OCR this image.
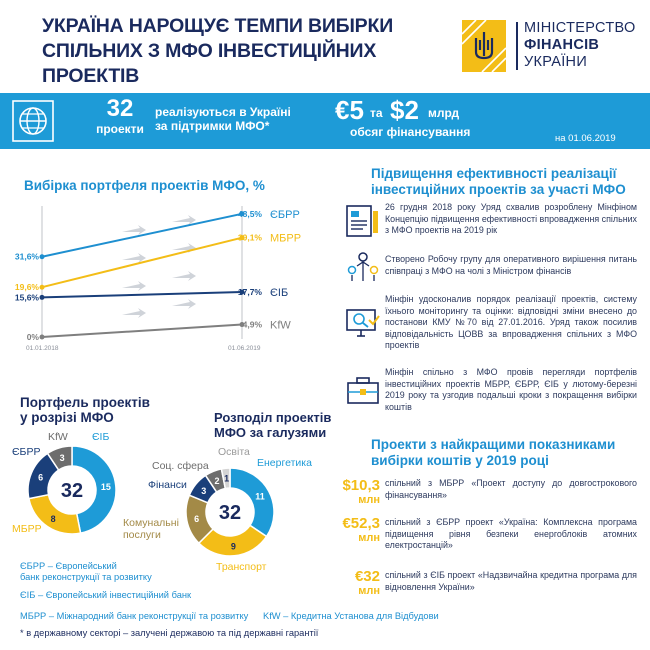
УКРАЇНА НАРОЩУЄ ТЕМПИ ВИБІРКИ
СПІЛЬНИХ З МФО ІНВЕСТИЦІЙНИХ ПРОЕКТІВ
МІНІСТЕРСТВО
ФІНАНСІВ
УКРАЇНИ
32
проекти
реалізуються в Україні
за підтримки МФО*
€5 та $2 млрд
обсяг фінансування	на 01.06.2019
Вибірка портфеля проектів МФО, %
31,6%
48,5% ЄБРР
19,6%
39,1% МБРР
15,6%
17,7% ЄІБ
0%
4,9% KfW
01.01.2018	01.06.2019
Підвищення ефективності реалізації
інвестиційних проектів за участі МФО
26 грудня 2018 року Уряд схвалив розроблену Мінфіном Концепцію підвищення ефективності впровадження спільних з МФО проектів на 2019 рік
Створено Робочу групу для оперативного вирішення питань співпраці з МФО на чолі з Міністром фінансів
Мінфін удосконалив порядок реалізації проектів, систему їхнього моніторингу та оцінки: відповідні зміни внесено до постанови КМУ №70 від 27.01.2016. Уряд також посилив відповідальність ЦОВВ за впровадження спільних з МФО проектів
Мінфін спільно з МФО провів перегляди портфелів інвестиційних проектів МБРР, ЄБРР, ЄІБ у лютому-березні 2019 року та узгодив подальші кроки з покращення вибірки коштів
Проекти з найкращими показниками
вибірки коштів у 2019 році
$10,3
млн
спільний з МБРР «Проект доступу до довгострокового фінансування»
€52,3
млн
спільний з ЄБРР проект «Україна: Комплексна програма підвищення рівня безпеки енергоблоків атомних електростанцій»
€32
млн
спільний з ЄІБ проект «Надзвичайна кредитна програма для відновлення України»
Портфель проектів
у розрізі МФО
15
8
6
3
32
ЄІБ
МБРР
ЄБРР
KfW
Розподіл проектів
МФО за галузями
11
9
6
3
2 1
32
Енергетика
Транспорт
Комунальні
послуги
Фінанси
Соц. сфера
Освіта
ЄБРР – Європейський
банк реконструкції та розвитку
ЄІБ – Європейський інвестиційний банк
МБРР – Міжнародний банк реконструкції та розвитку KfW – Кредитна Установа для Відбудови
* в державному секторі – залучені державою та під державні гарантії
